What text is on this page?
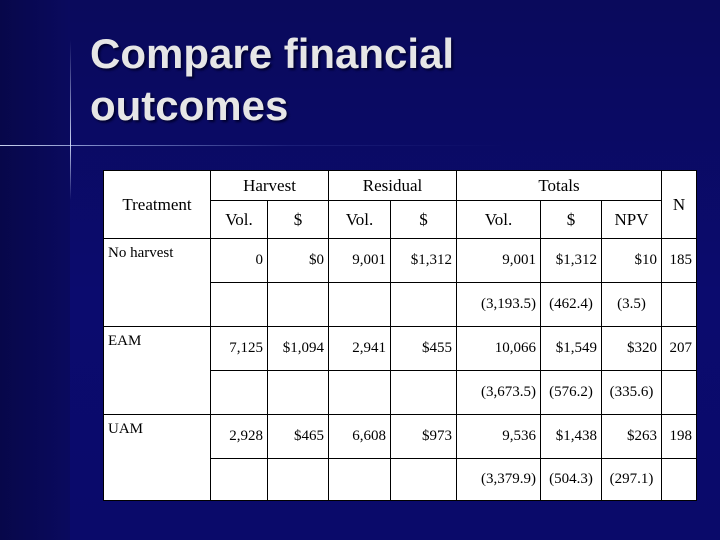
Compare financial
outcomes
Treatment	Harvest		Residual		Totals			N
	Vol.	$	Vol.	$	Vol.	$	NPV	
No harvest	0	$0	9,001	$1,312	9,001	$1,312	$10	185
					(3,193.5)	(462.4)	(3.5)	
EAM	7,125	$1,094	2,941	$455	10,066	$1,549	$320	207
					(3,673.5)	(576.2)	(335.6)	
UAM	2,928	$465	6,608	$973	9,536	$1,438	$263	198
					(3,379.9)	(504.3)	(297.1)	
